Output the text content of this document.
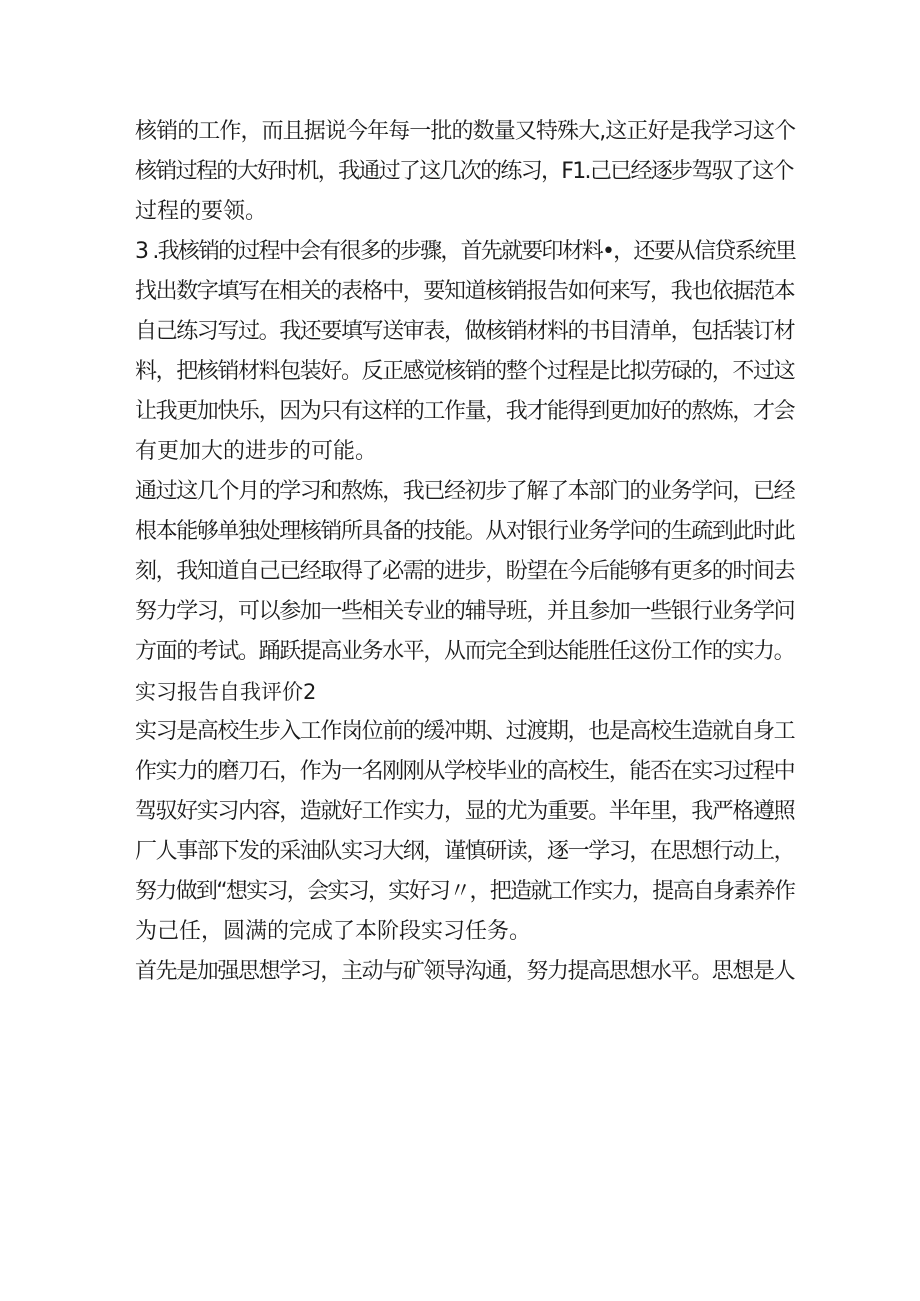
核销的工作，而且据说今年每一批的数量又特殊大,这正好是我学习这个
核销过程的大好时机，我通过了这几次的练习，F1.己已经逐步驾驭了这个
过程的要领。
3 .我核销的过程中会有很多的步骤，首先就要印材料•，还要从信贷系统里
找出数字填写在相关的表格中，要知道核销报告如何来写，我也依据范本
自己练习写过。我还要填写送审表，做核销材料的书目清单，包括装订材
料，把核销材料包装好。反正感觉核销的整个过程是比拟劳碌的，不过这
让我更加快乐，因为只有这样的工作量，我才能得到更加好的熬炼，才会
有更加大的进步的可能。
通过这几个月的学习和熬炼，我已经初步了解了本部门的业务学问，已经
根本能够单独处理核销所具备的技能。从对银行业务学问的生疏到此时此
刻，我知道自己已经取得了必需的进步，盼望在今后能够有更多的时间去
努力学习，可以参加一些相关专业的辅导班，并且参加一些银行业务学问
方面的考试。踊跃提高业务水平，从而完全到达能胜任这份工作的实力。
实习报告自我评价2
实习是高校生步入工作岗位前的缓冲期、过渡期，也是高校生造就自身工
作实力的磨刀石，作为一名刚刚从学校毕业的高校生，能否在实习过程中
驾驭好实习内容，造就好工作实力，显的尤为重要。半年里，我严格遵照
厂人事部下发的采油队实习大纲，谨慎研读，逐一学习，在思想行动上，
努力做到“想实习，会实习，实好习〃，把造就工作实力，提高自身素养作
为己任，圆满的完成了本阶段实习任务。
首先是加强思想学习，主动与矿领导沟通，努力提高思想水平。思想是人
